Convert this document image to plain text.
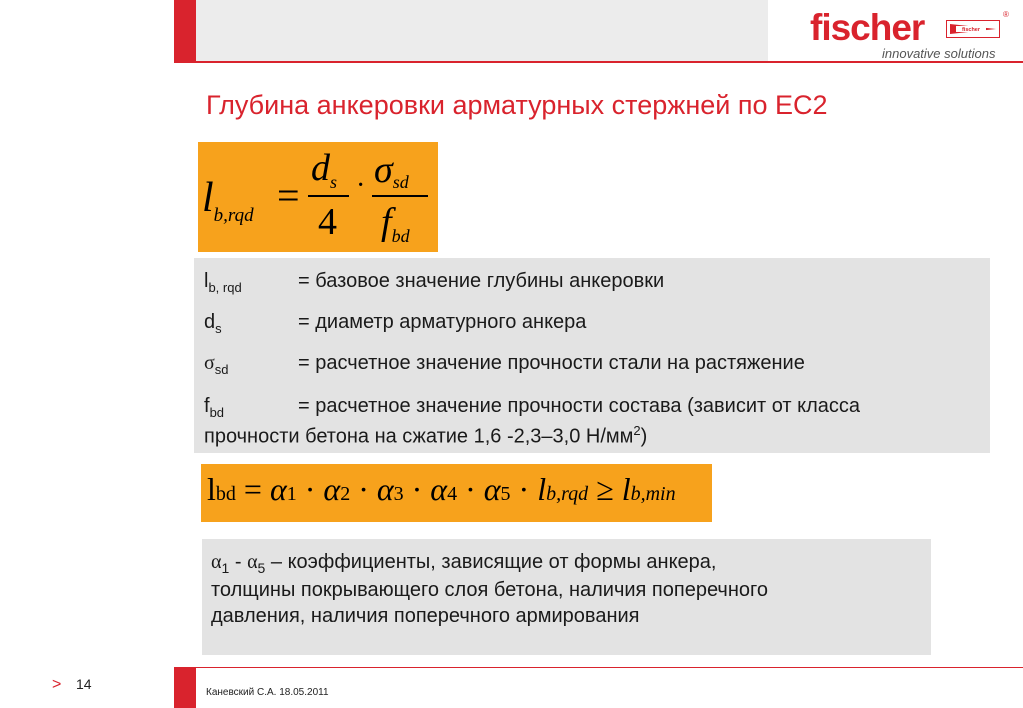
fischer	fischer
®
innovative solutions
Глубина анкеровки арматурных стержней по EC2
$l_{b,rqd}$ =
$d_s$
4
· σsd
$f_{bd}$
$l_{b, rqd}$	= базовое значение глубины анкеровки
$d_s$	= диаметр арматурного анкера
$\sigma_{sd}$	= расчетное значение прочности стали на растяжение
$f_{bd}$	= расчетное значение прочности состава (зависит от класса
прочности бетона на сжатие 1,6 -2,3–3,0 $Н/мм^2$)
lbd = α1 · α2 · α3 · α4 · α5 · lb,rqd ≥ lb,min
$\alpha_1 - \alpha_5$ – коэффициенты, зависящие от формы анкера,
толщины покрывающего слоя бетона, наличия поперечного
давления, наличия поперечного армирования
> 14
Каневский С.А. 18.05.2011
